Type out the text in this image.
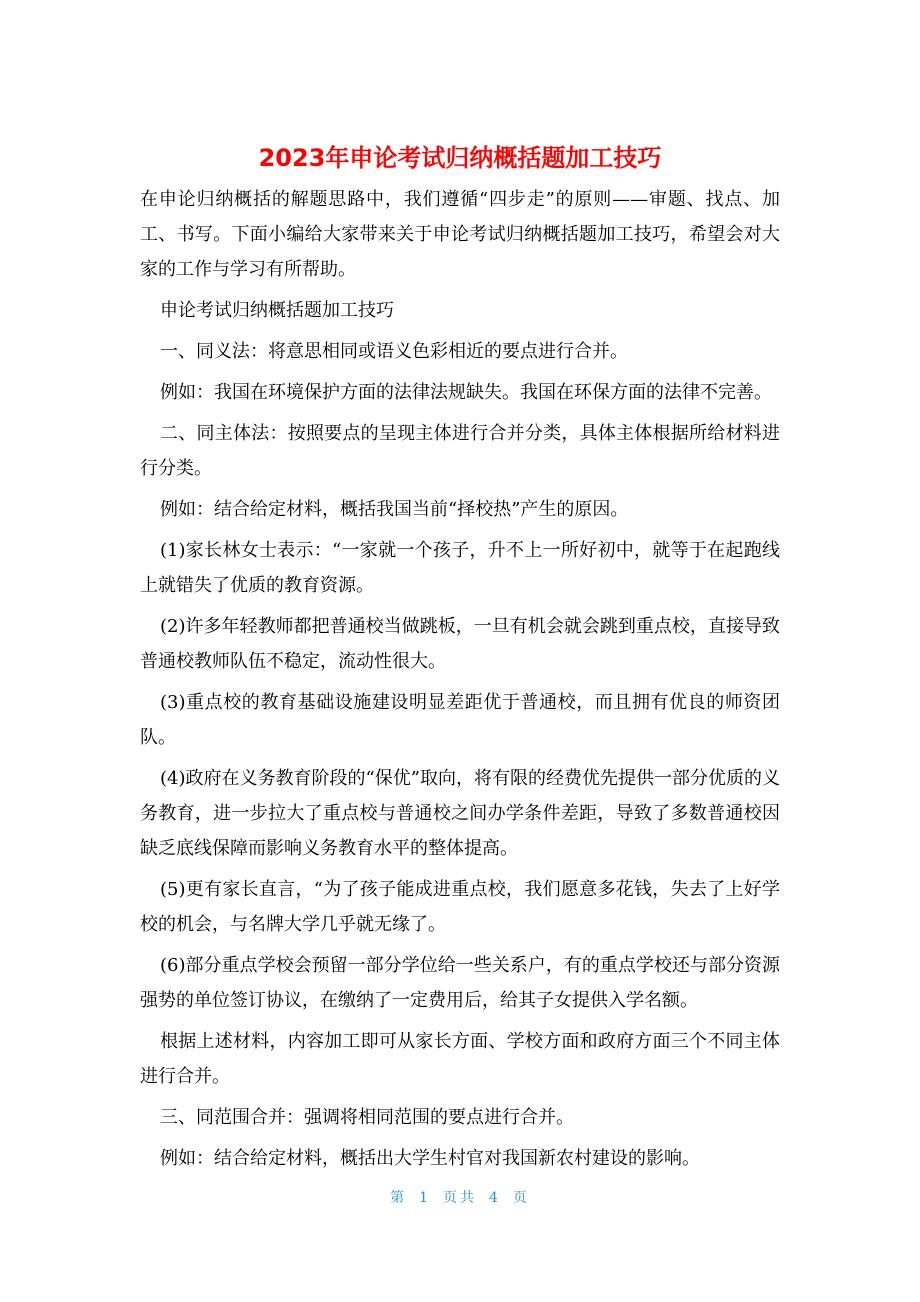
2023年申论考试归纳概括题加工技巧

在申论归纳概括的解题思路中，我们遵循“四步走”的原则——审题、找点、加工、书写。下面小编给大家带来关于申论考试归纳概括题加工技巧，希望会对大家的工作与学习有所帮助。

申论考试归纳概括题加工技巧

一、同义法：将意思相同或语义色彩相近的要点进行合并。

例如：我国在环境保护方面的法律法规缺失。我国在环保方面的法律不完善。

二、同主体法：按照要点的呈现主体进行合并分类，具体主体根据所给材料进行分类。

例如：结合给定材料，概括我国当前“择校热”产生的原因。

(1)家长林女士表示：“一家就一个孩子，升不上一所好初中，就等于在起跑线上就错失了优质的教育资源。

(2)许多年轻教师都把普通校当做跳板，一旦有机会就会跳到重点校，直接导致普通校教师队伍不稳定，流动性很大。

(3)重点校的教育基础设施建设明显差距优于普通校，而且拥有优良的师资团队。

(4)政府在义务教育阶段的“保优”取向，将有限的经费优先提供一部分优质的义务教育，进一步拉大了重点校与普通校之间办学条件差距，导致了多数普通校因缺乏底线保障而影响义务教育水平的整体提高。

(5)更有家长直言，“为了孩子能成进重点校，我们愿意多花钱，失去了上好学校的机会，与名牌大学几乎就无缘了。

(6)部分重点学校会预留一部分学位给一些关系户，有的重点学校还与部分资源强势的单位签订协议，在缴纳了一定费用后，给其子女提供入学名额。

根据上述材料，内容加工即可从家长方面、学校方面和政府方面三个不同主体进行合并。

三、同范围合并：强调将相同范围的要点进行合并。

例如：结合给定材料，概括出大学生村官对我国新农村建设的影响。

第 1 页共 4 页
